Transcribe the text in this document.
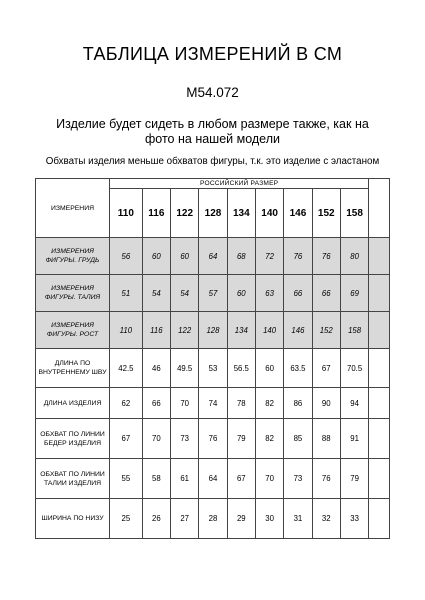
ТАБЛИЦА ИЗМЕРЕНИЙ В СМ
М54.072
Изделие будет сидеть в любом размере также, как на фото на нашей модели
Обхваты изделия меньше обхватов фигуры, т.к. это изделие с эластаном
ИЗМЕРЕНИЯ	РОССИЙСКИЙ РАЗМЕР									
	110	116	122	128	134	140	146	152	158	
ИЗМЕРЕНИЯ ФИГУРЫ. ГРУДЬ	56	60	60	64	68	72	76	76	80	
ИЗМЕРЕНИЯ ФИГУРЫ. ТАЛИЯ	51	54	54	57	60	63	66	66	69	
ИЗМЕРЕНИЯ ФИГУРЫ. РОСТ	110	116	122	128	134	140	146	152	158	
ДЛИНА ПО ВНУТРЕННЕМУ ШВУ	42.5	46	49.5	53	56.5	60	63.5	67	70.5	
ДЛИНА ИЗДЕЛИЯ	62	66	70	74	78	82	86	90	94	
ОБХВАТ ПО ЛИНИИ БЕДЕР ИЗДЕЛИЯ	67	70	73	76	79	82	85	88	91	
ОБХВАТ ПО ЛИНИИ ТАЛИИ ИЗДЕЛИЯ	55	58	61	64	67	70	73	76	79	
ШИРИНА ПО НИЗУ	25	26	27	28	29	30	31	32	33	
